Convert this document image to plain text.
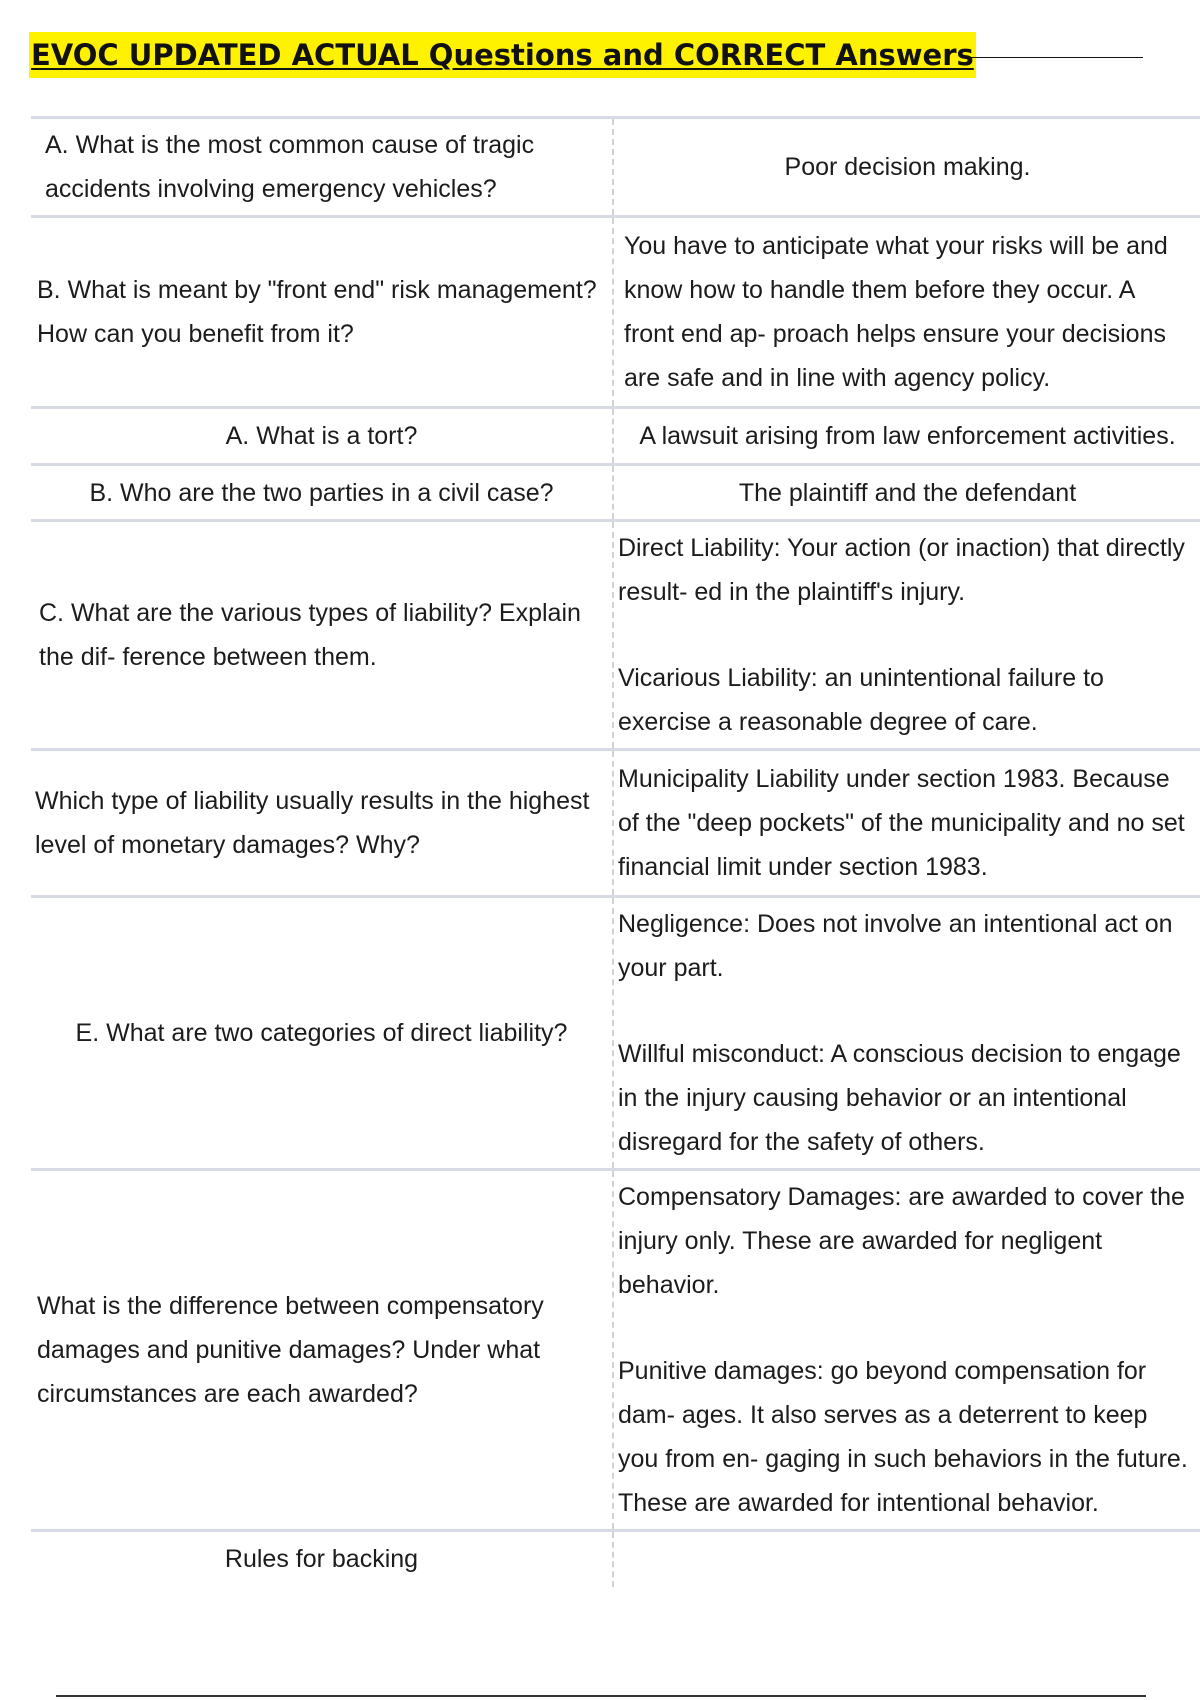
EVOC UPDATED ACTUAL Questions and CORRECT Answers
A. What is the most common cause of tragic accidents involving emergency vehicles?	Poor decision making.

B. What is meant by "front end" risk management? How can you benefit from it?	You have to anticipate what your risks will be and know how to handle them before they occur. A front end ap- proach helps ensure your decisions are safe and in line with agency policy.

A. What is a tort?	A lawsuit arising from law enforcement activities.

B. Who are the two parties in a civil case?	The plaintiff and the defendant

C. What are the various types of liability? Explain the dif- ference between them.	Direct Liability: Your action (or inaction) that directly result- ed in the plaintiff's injury.
Vicarious Liability: an unintentional failure to exercise a reasonable degree of care.

Which type of liability usually results in the highest level of monetary damages? Why?	Municipality Liability under section 1983. Because of the "deep pockets" of the municipality and no set financial limit under section 1983.

E. What are two categories of direct liability?	Negligence: Does not involve an intentional act on your part.
Willful misconduct: A conscious decision to engage in the injury causing behavior or an intentional disregard for the safety of others.

What is the difference between compensatory damages and punitive damages? Under what circumstances are each awarded?	Compensatory Damages: are awarded to cover the injury only. These are awarded for negligent behavior.
Punitive damages: go beyond compensation for dam- ages. It also serves as a deterrent to keep you from en- gaging in such behaviors in the future. These are awarded for intentional behavior.

Rules for backing	
